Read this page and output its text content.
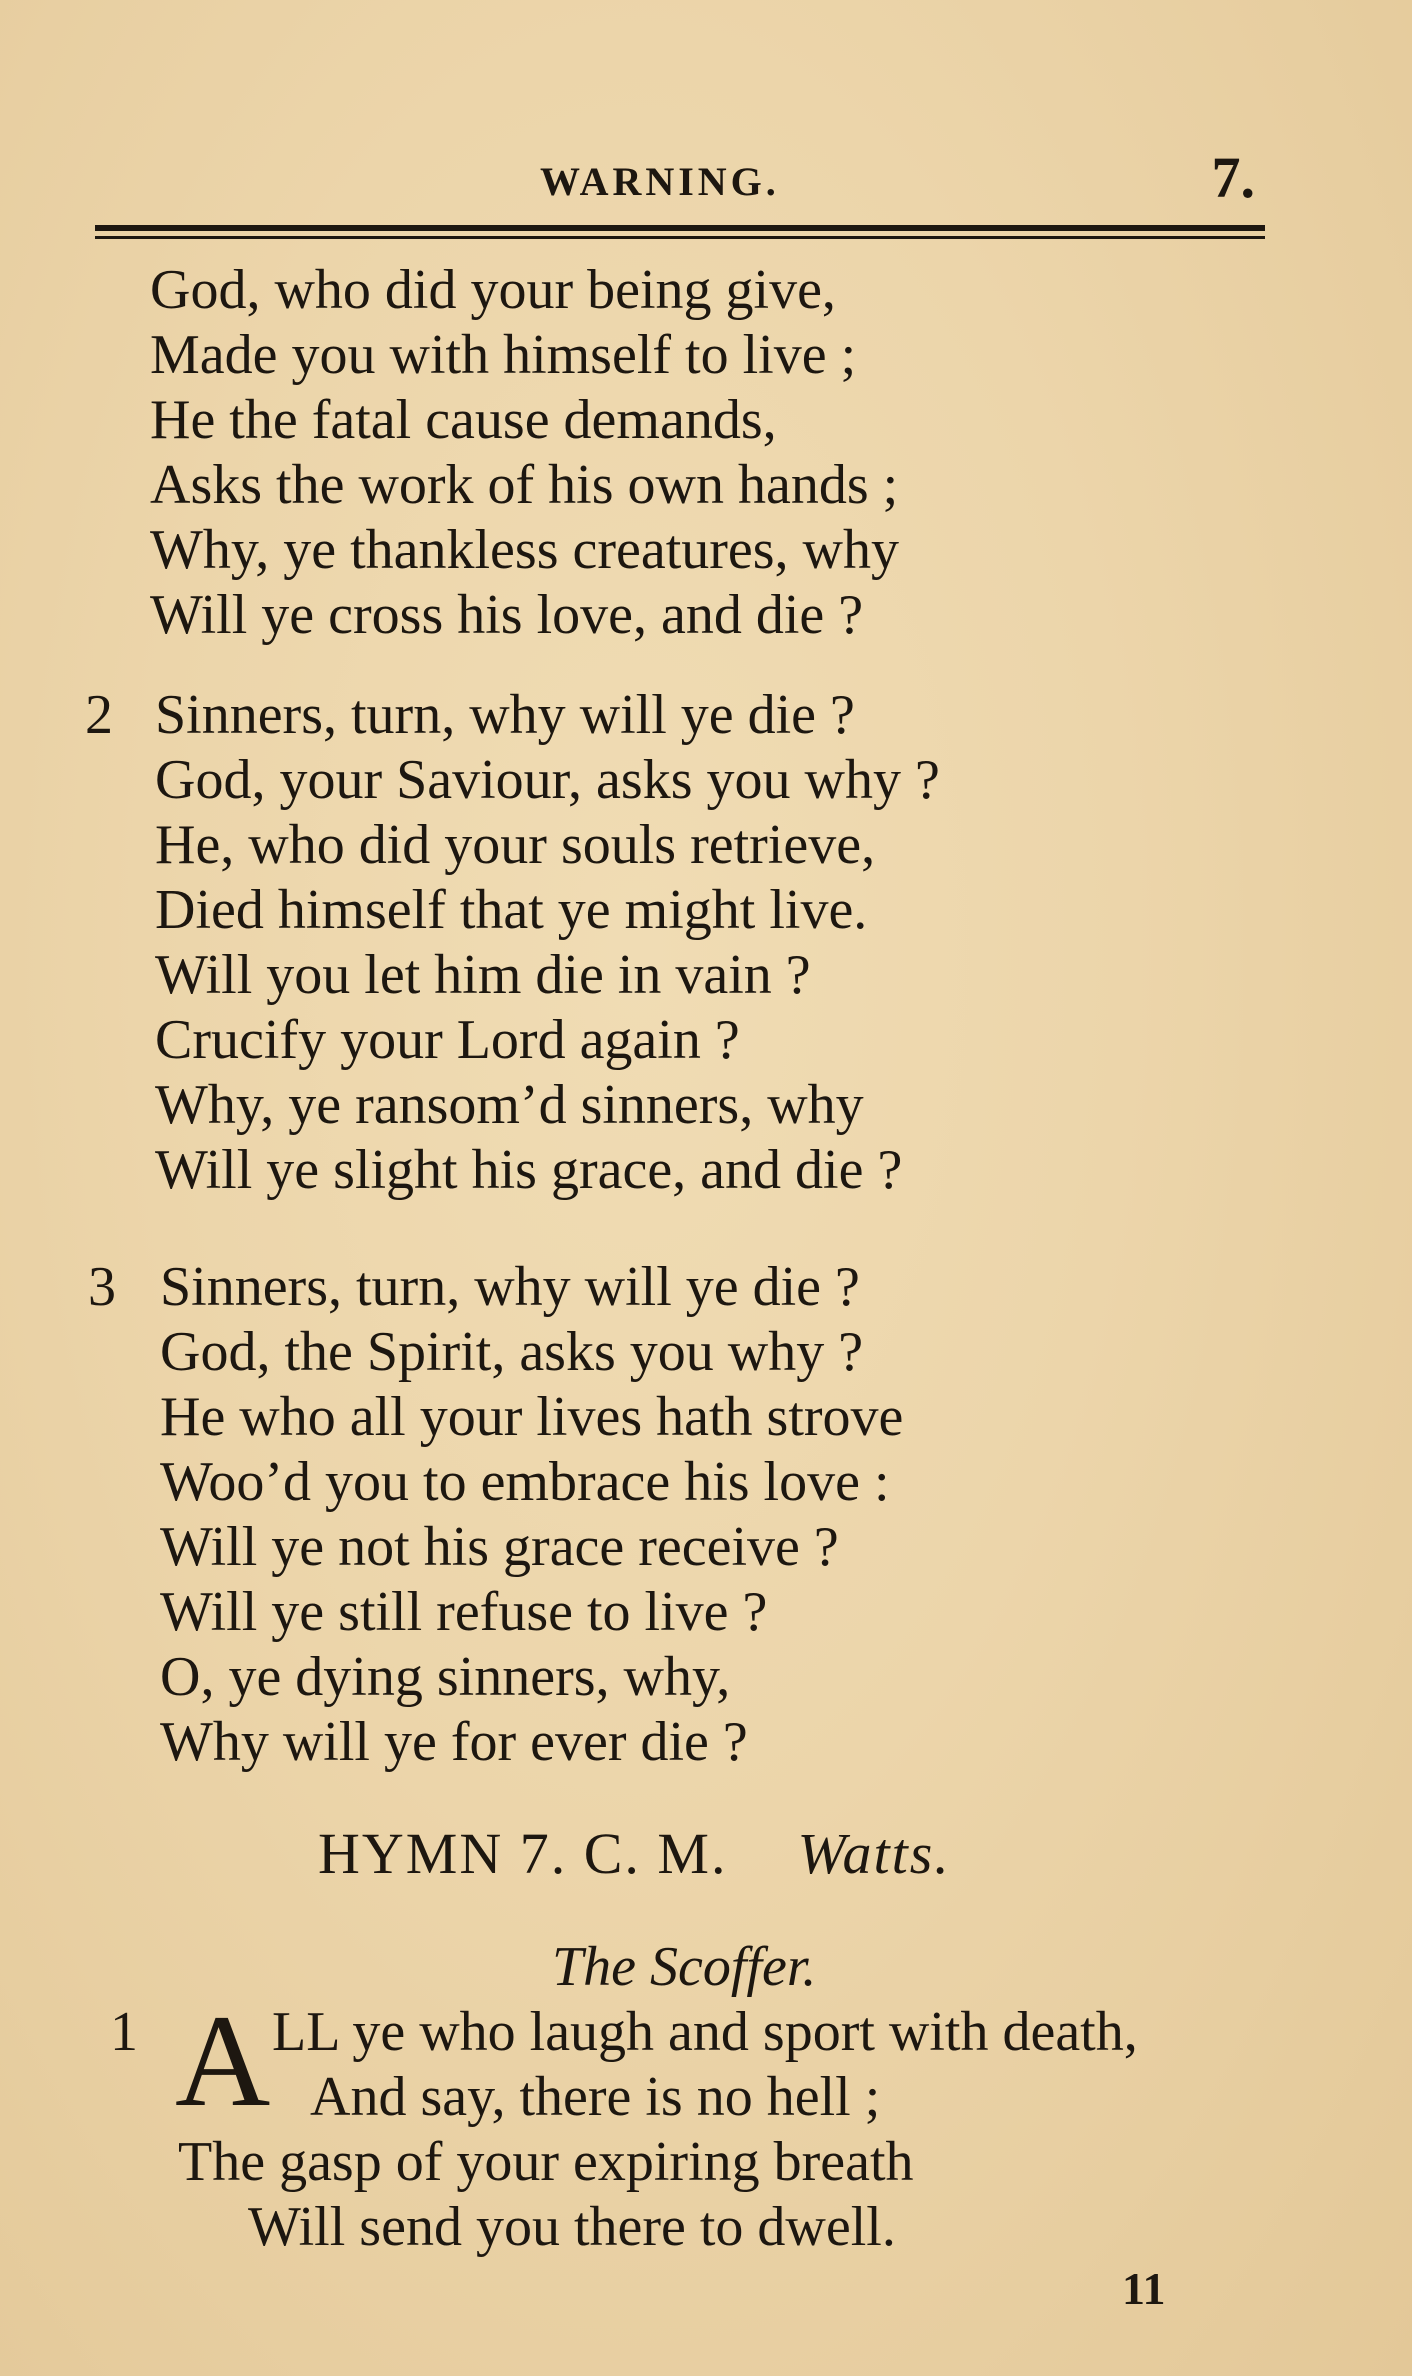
WARNING.	7.
God, who did your being give,
Made you with himself to live ;
He the fatal cause demands,
Asks the work of his own hands ;
Why, ye thankless creatures, why
Will ye cross his love, and die ?
2 Sinners, turn, why will ye die ?
God, your Saviour, asks you why ?
He, who did your souls retrieve,
Died himself that ye might live.
Will you let him die in vain ?
Crucify your Lord again ?
Why, ye ransom’d sinners, why
Will ye slight his grace, and die ?
3 Sinners, turn, why will ye die ?
God, the Spirit, asks you why ?
He who all your lives hath strove
Woo’d you to embrace his love :
Will ye not his grace receive ?
Will ye still refuse to live ?
O, ye dying sinners, why,
Why will ye for ever die ?
HYMN 7. C. M. Watts.
The Scoffer.
1 A LL ye who laugh and sport with death,
And say, there is no hell ;
The gasp of your expiring breath
Will send you there to dwell.
11
